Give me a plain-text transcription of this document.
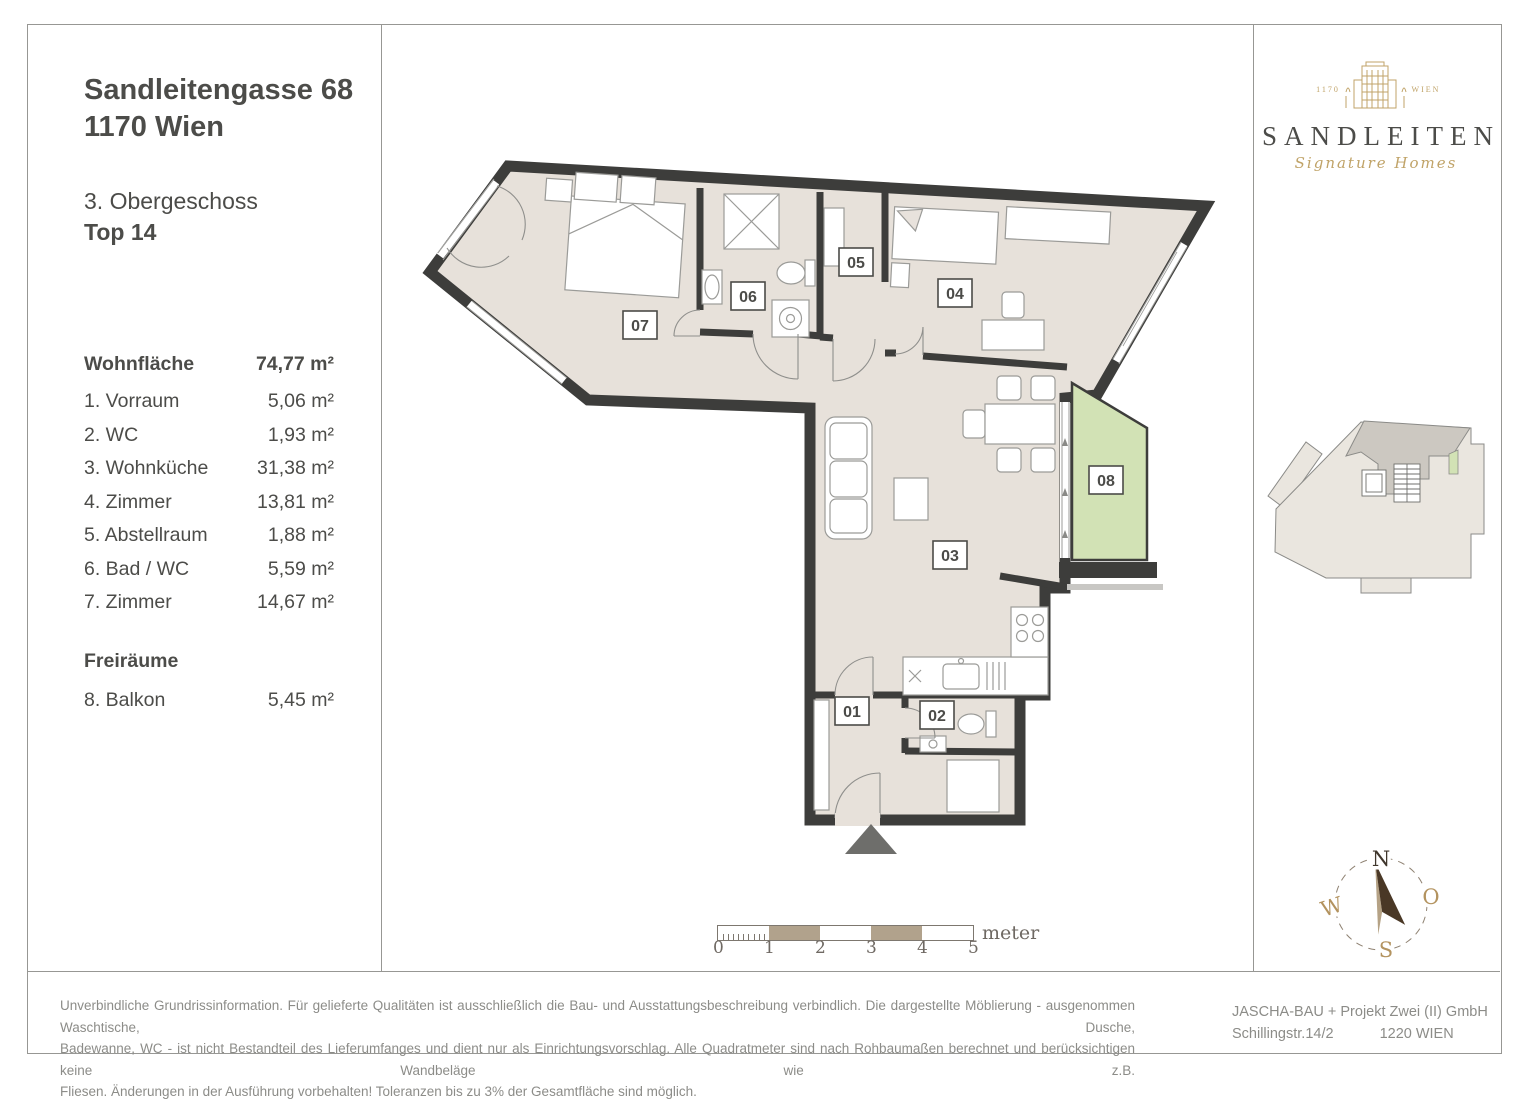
Sandleitengasse 68
1170 Wien
3. Obergeschoss
Top 14
Wohnfläche	74,77 m²
1. Vorraum	5,06 m²
2. WC	1,93 m²
3. Wohnküche 31,38 m²
4. Zimmer	13,81 m²
5. Abstellraum	1,88 m²
6. Bad / WC	5,59 m²
7. Zimmer	14,67 m²
Freiräume
8. Balkon	5,45 m²
07
06
05
04
03
08
01	02
0 1 2 3 4 5
meter
1170	WIEN
SANDLEITEN
Signature Homes
N
O
S
W
Unverbindliche Grundrissinformation. Für gelieferte Qualitäten ist ausschließlich die Bau- und Ausstattungsbeschreibung verbindlich. Die dargestellte Möblierung - ausgenommen Waschtische, Dusche,
Badewanne, WC - ist nicht Bestandteil des Lieferumfanges und dient nur als Einrichtungsvorschlag. Alle Quadratmeter sind nach Rohbaumaßen berechnet und berücksichtigen keine Wandbeläge wie z.B.
Fliesen. Änderungen in der Ausführung vorbehalten! Toleranzen bis zu 3% der Gesamtfläche sind möglich.
JASCHA-BAU + Projekt Zwei (II) GmbH
Schillingstr.14/2	1220 WIEN
